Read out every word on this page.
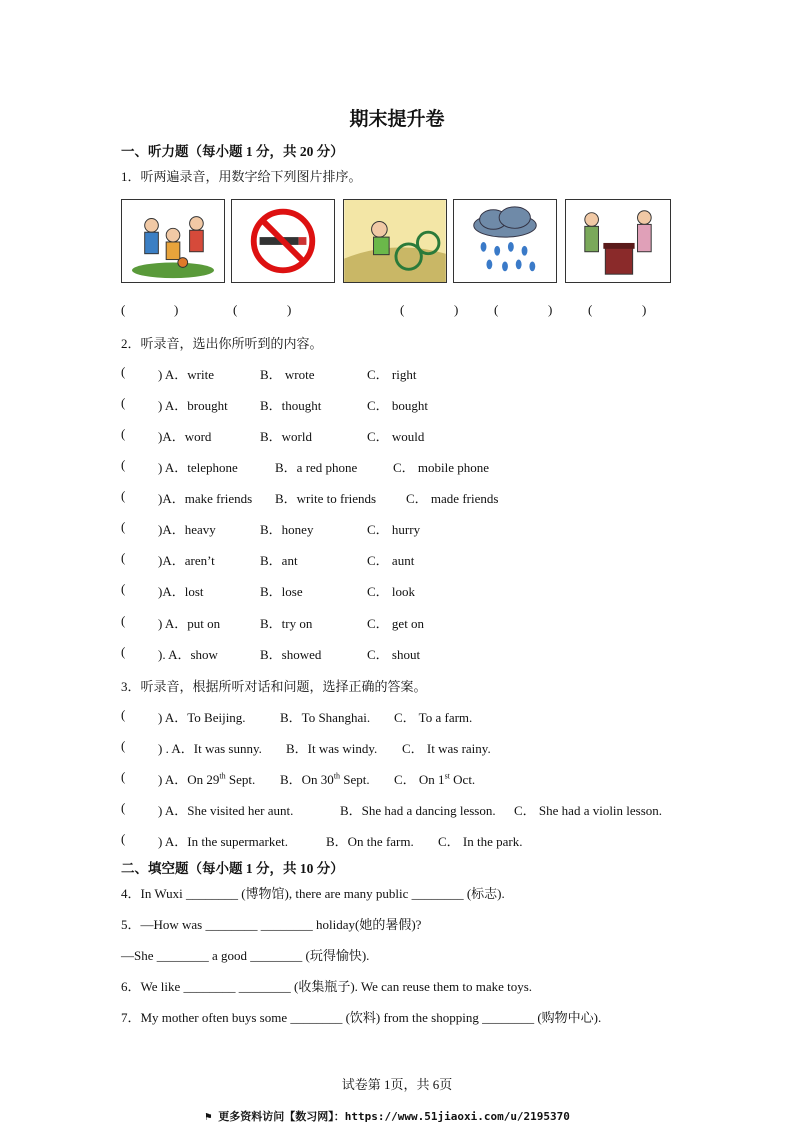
期末提升卷
一、听力题（每小题 1 分，共 20 分）
1．听两遍录音，用数字给下列图片排序。
(	)	(	)	(	)	(	)	(	)
2．听录音，选出你所听到的内容。
(	) A．write	B． wrote	C． right
(	) A．brought B．thought	C． bought
(	)A．word	B．world	C． would
(	) A．telephone	B．a red phone	C． mobile phone
(	)A．make friends B．write to friends C． made friends
(	)A．heavy	B．honey	C． hurry
(	)A．aren’t	B．ant	C． aunt
(	)A．lost	B．lose	C． look
(	) A．put on	B．try on	C． get on
(	). A．show	B．showed	C． shout
3．听录音，根据所听对话和问题，选择正确的答案。
(	) A．To Beijing.	B．To Shanghai. C． To a farm.
(	) . A．It was sunny. B．It was windy. C． It was rainy.
(	) A．On 29th Sept. B．On 30th Sept. C． On 1st Oct.
(	) A．She visited her aunt.	B．She had a dancing lesson. C． She had a violin lesson.
(	) A．In the supermarket.	B．On the farm. C． In the park.
二、填空题（每小题 1 分，共 10 分）
4．In Wuxi ________ (博物馆), there are many public ________ (标志).
5．—How was ________ ________ holiday(她的暑假)?
—She ________ a good ________ (玩得愉快).
6．We like ________ ________ (收集瓶子). We can reuse them to make toys.
7．My mother often buys some ________ (饮料) from the shopping ________ (购物中心).
试卷第 1页，共 6页
⚑ 更多资料访问【数习网】：https://www.51jiaoxi.com/u/2195370
